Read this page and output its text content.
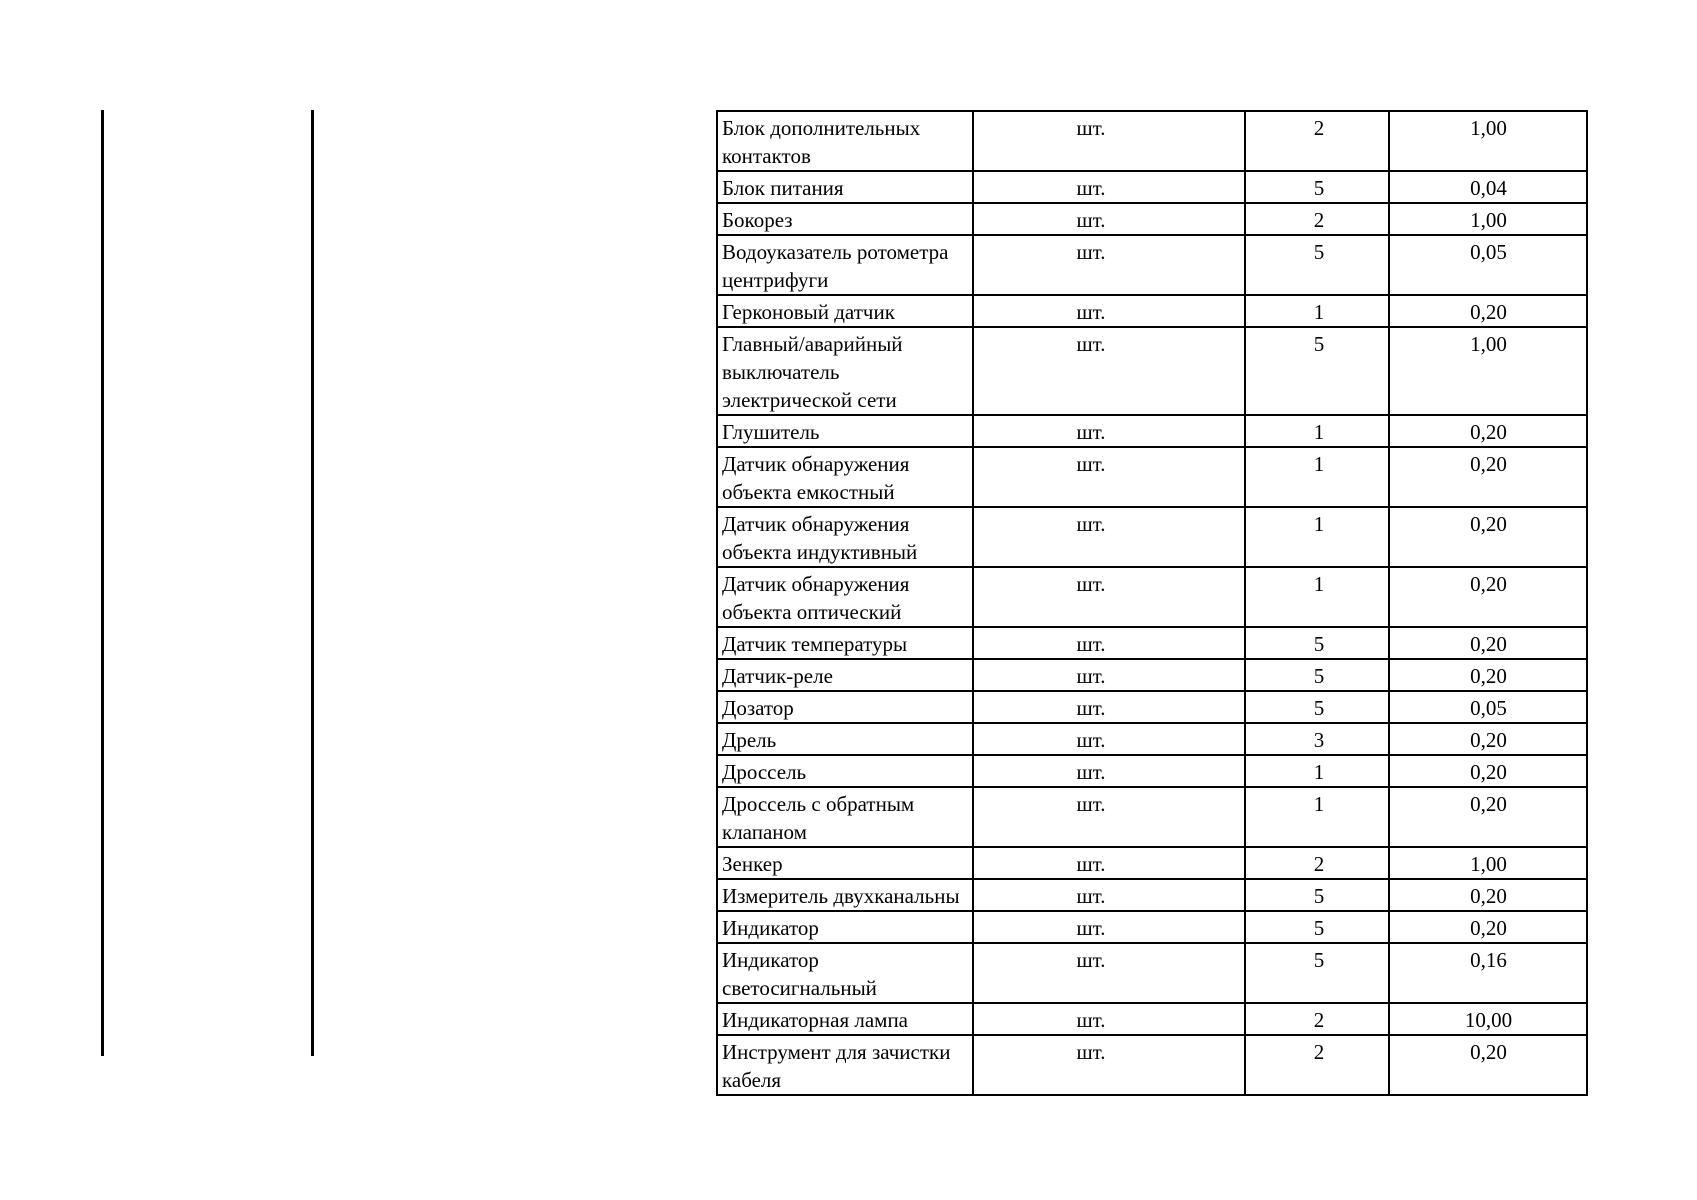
Блок дополнительных контактов	шт.	2	1,00
Блок питания	шт.	5	0,04
Бокорез	шт.	2	1,00
Водоуказатель ротометра центрифуги	шт.	5	0,05
Герконовый датчик	шт.	1	0,20
Главный/аварийный выключатель электрической сети	шт.	5	1,00
Глушитель	шт.	1	0,20
Датчик обнаружения объекта емкостный	шт.	1	0,20
Датчик обнаружения объекта индуктивный	шт.	1	0,20
Датчик обнаружения объекта оптический	шт.	1	0,20
Датчик температуры	шт.	5	0,20
Датчик-реле	шт.	5	0,20
Дозатор	шт.	5	0,05
Дрель	шт.	3	0,20
Дроссель	шт.	1	0,20
Дроссель с обратным клапаном	шт.	1	0,20
Зенкер	шт.	2	1,00
Измеритель двухканальны	шт.	5	0,20
Индикатор	шт.	5	0,20
Индикатор светосигнальный	шт.	5	0,16
Индикаторная лампа	шт.	2	10,00
Инструмент для зачистки кабеля	шт.	2	0,20
